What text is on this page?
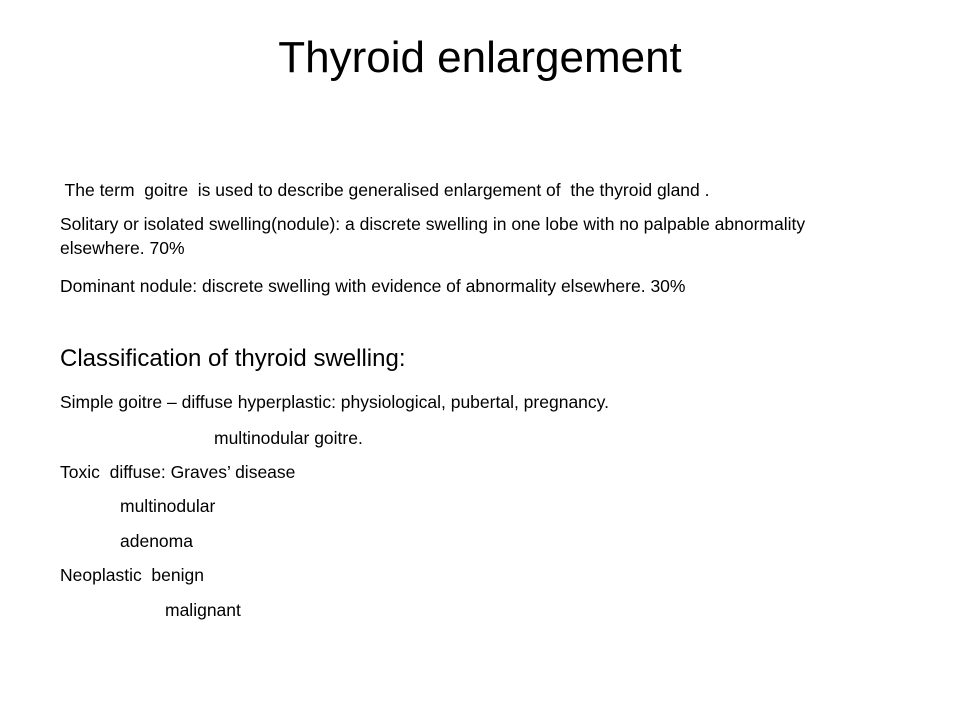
Thyroid enlargement
The term  goitre  is used to describe generalised enlargement of  the thyroid gland .
Solitary or isolated swelling(nodule): a discrete swelling in one lobe with no palpable abnormality elsewhere. 70%
Dominant nodule: discrete swelling with evidence of abnormality elsewhere. 30%
Classification of thyroid swelling:
Simple goitre – diffuse hyperplastic: physiological, pubertal, pregnancy.
multinodular goitre.
Toxic  diffuse: Graves’ disease
multinodular
adenoma
Neoplastic  benign
malignant
